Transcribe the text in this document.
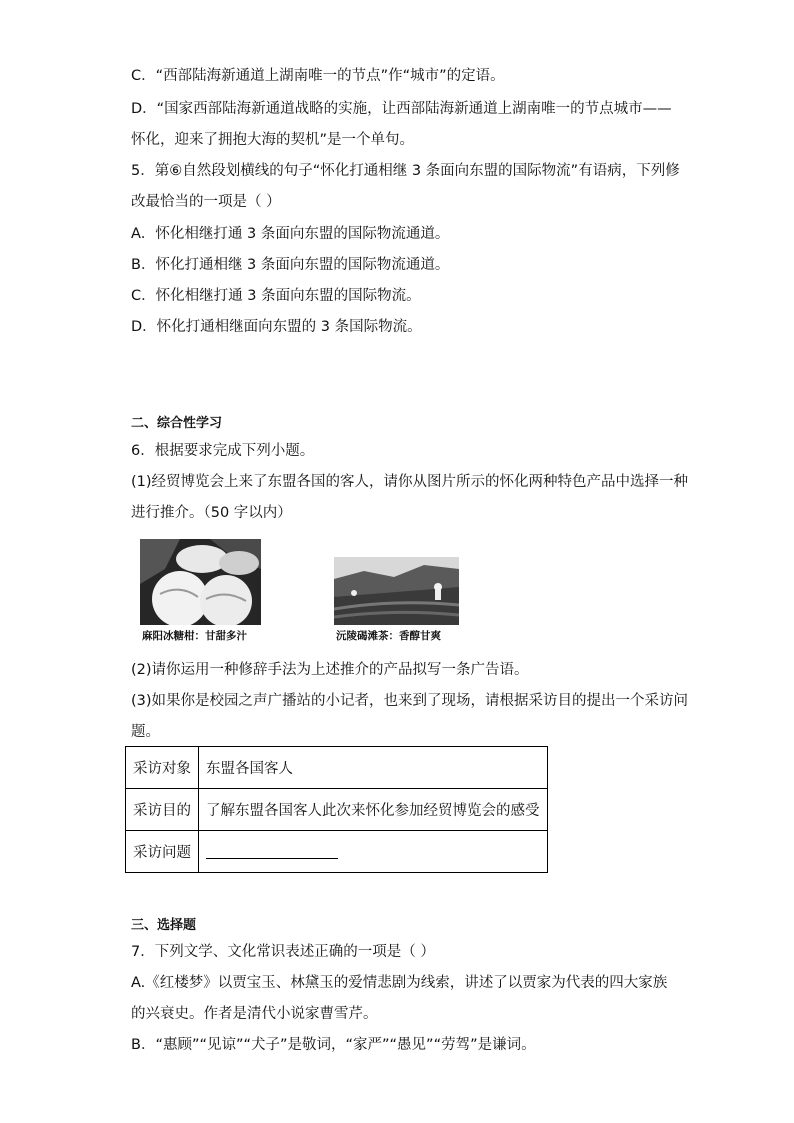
C．“西部陆海新通道上湖南唯一的节点”作“城市”的定语。
D．“国家西部陆海新通道战略的实施，让西部陆海新通道上湖南唯一的节点城市——
怀化，迎来了拥抱大海的契机”是一个单句。
5．第⑥自然段划横线的句子“怀化打通相继 3 条面向东盟的国际物流”有语病，下列修
改最恰当的一项是（ ）
A．怀化相继打通 3 条面向东盟的国际物流通道。
B．怀化打通相继 3 条面向东盟的国际物流通道。
C．怀化相继打通 3 条面向东盟的国际物流。
D．怀化打通相继面向东盟的 3 条国际物流。
二、综合性学习
6．根据要求完成下列小题。
(1)经贸博览会上来了东盟各国的客人，请你从图片所示的怀化两种特色产品中选择一种
进行推介。（50 字以内）
麻阳冰糖柑：甘甜多汁	沅陵碣滩茶：香醇甘爽
(2)请你运用一种修辞手法为上述推介的产品拟写一条广告语。
(3)如果你是校园之声广播站的小记者，也来到了现场，请根据采访目的提出一个采访问
题。
采访对象	东盟各国客人
采访目的	了解东盟各国客人此次来怀化参加经贸博览会的感受
采访问题	
三、选择题
7．下列文学、文化常识表述正确的一项是（ ）
A.《红楼梦》以贾宝玉、林黛玉的爱情悲剧为线索，讲述了以贾家为代表的四大家族
的兴衰史。作者是清代小说家曹雪芹。
B．“惠顾”“见谅”“犬子”是敬词，“家严”“愚见”“劳驾”是谦词。
